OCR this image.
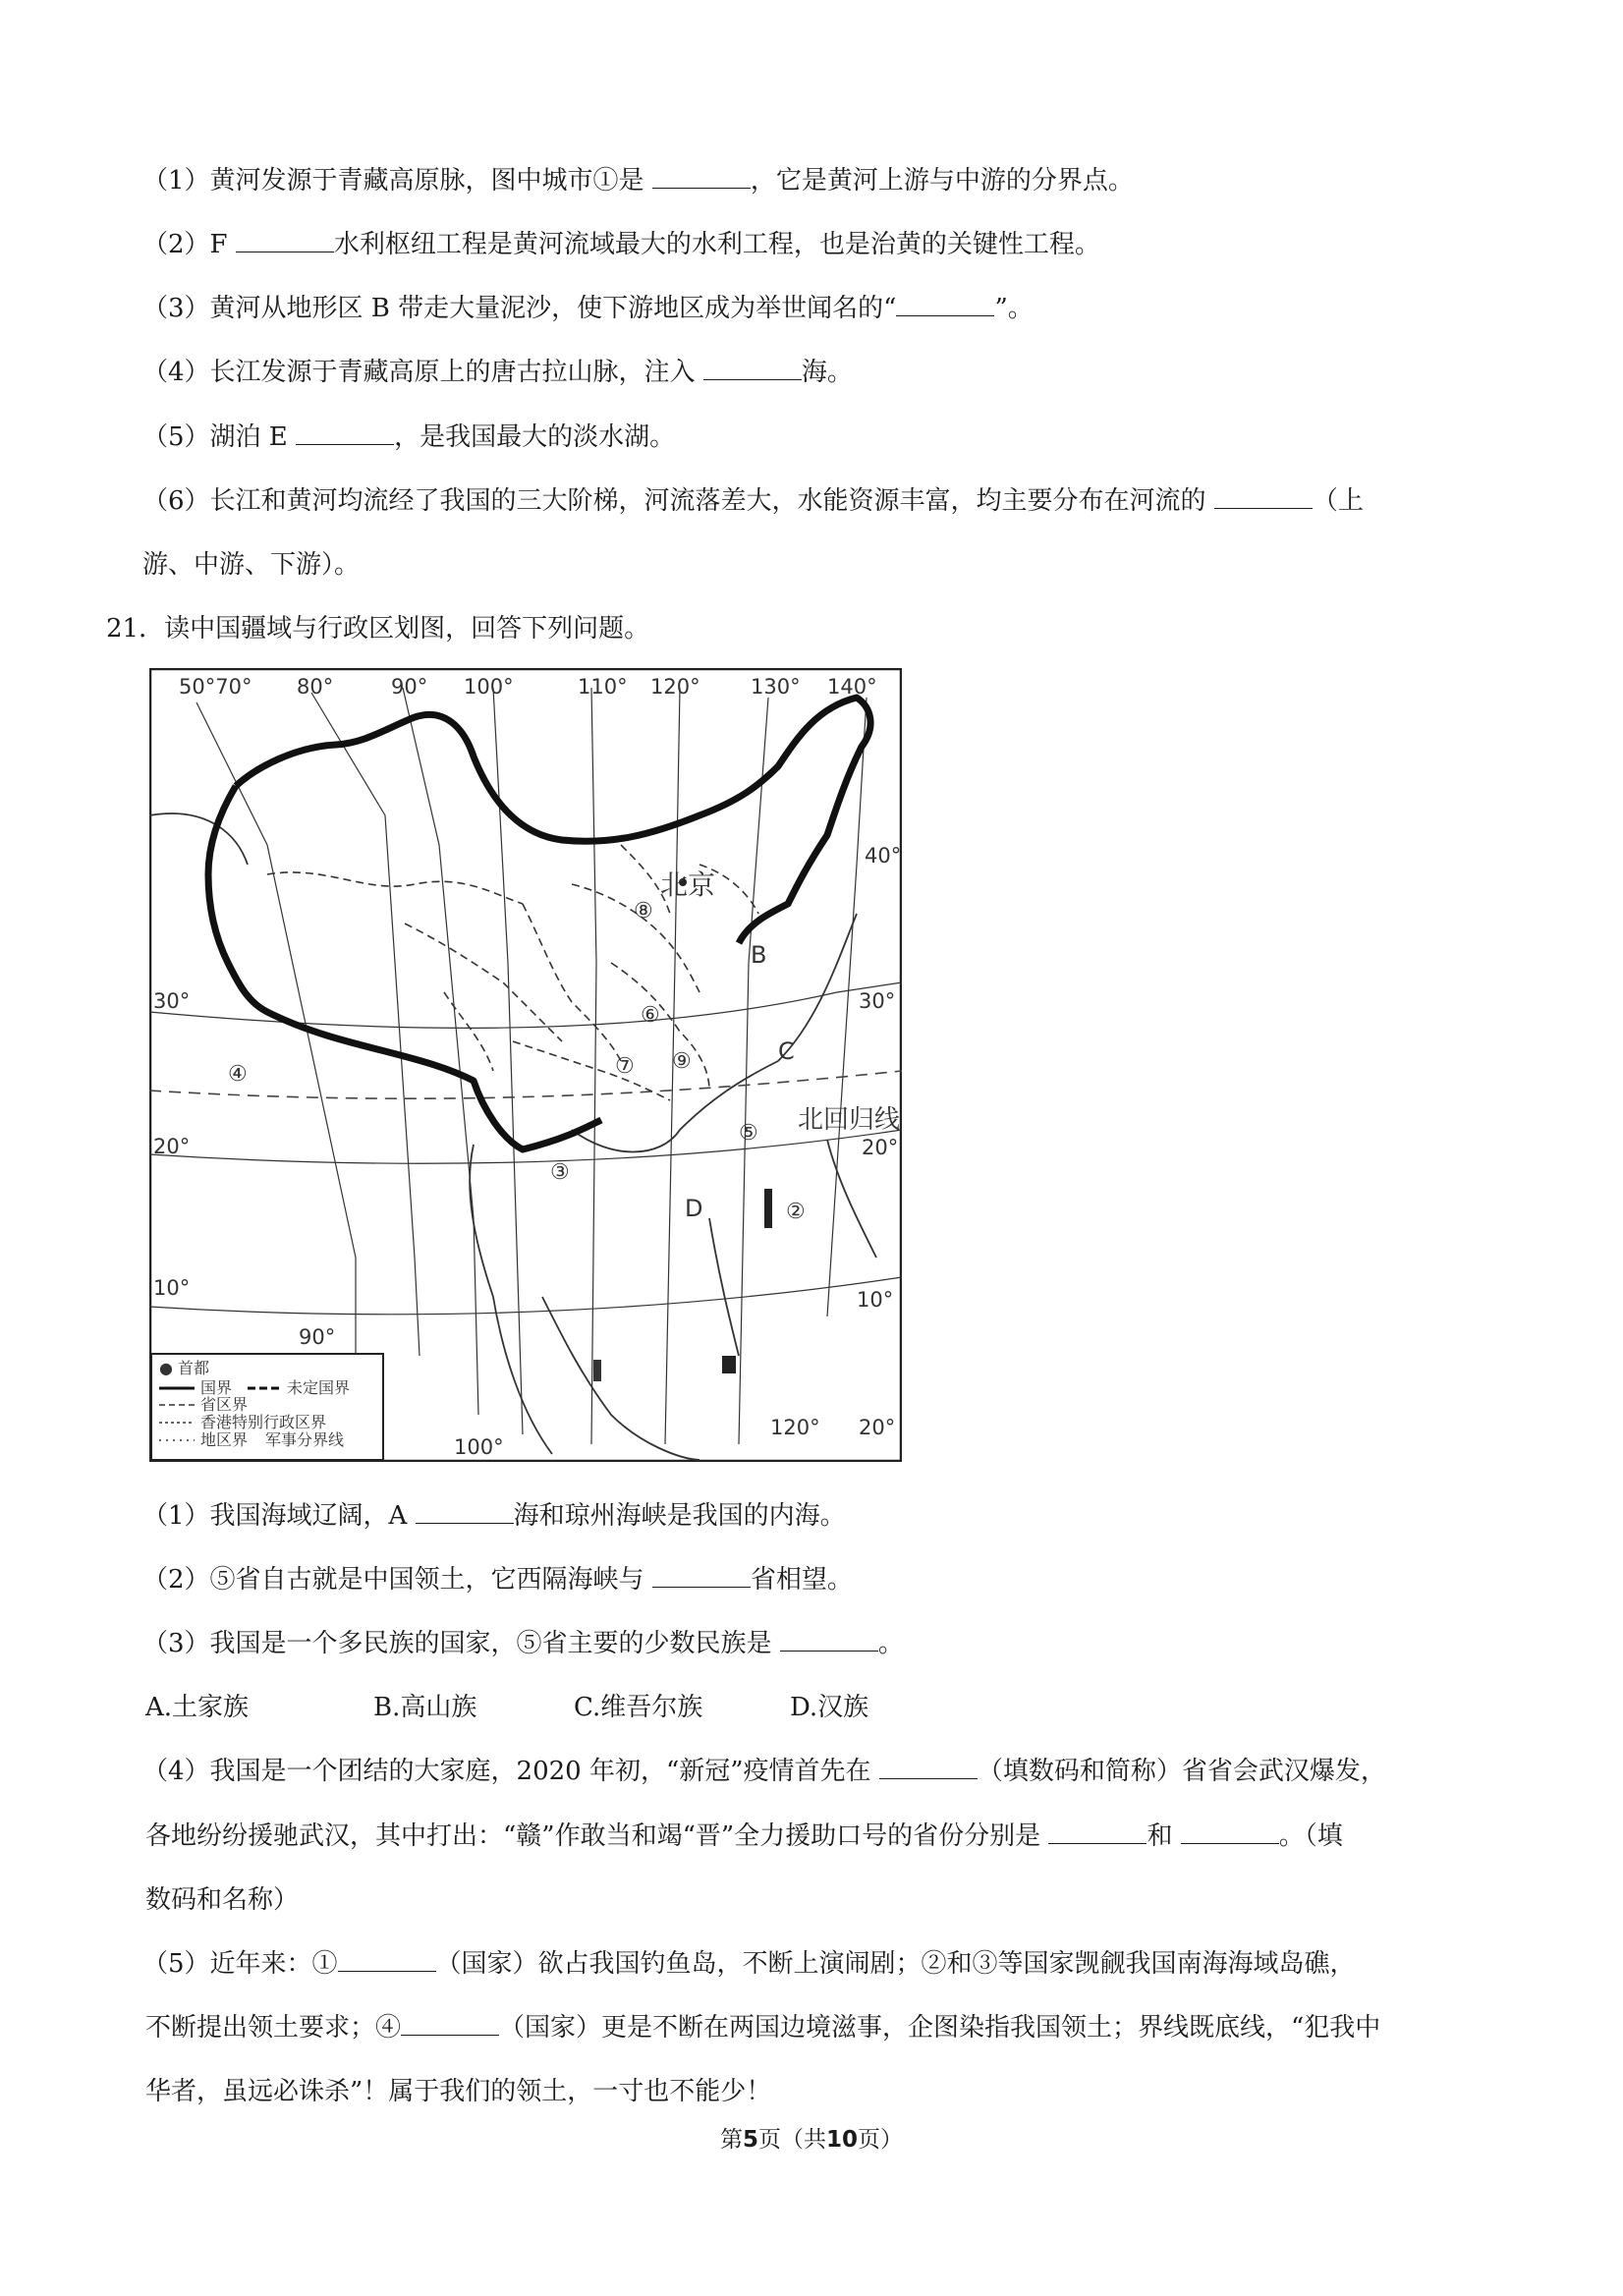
（1）黄河发源于青藏高原脉，图中城市①是	，它是黄河上游与中游的分界点。
（2）F	水利枢纽工程是黄河流域最大的水利工程，也是治黄的关键性工程。
（3）黄河从地形区 B 带走大量泥沙，使下游地区成为举世闻名的“	”。
（4）长江发源于青藏高原上的唐古拉山脉，注入	海。
（5）湖泊 E	，是我国最大的淡水湖。
（6）长江和黄河均流经了我国的三大阶梯，河流落差大，水能资源丰富，均主要分布在河流的	（上
游、中游、下游）。
21．读中国疆域与行政区划图，回答下列问题。
50°70° 80°	90° 100°	110° 120° 130° 140°
30°
20°
10°
40°
30°
20°
10°
90°
100°
120° 20°
北京
北回归线
B
C
D	②
③
④
⑤
⑥
⑦
⑧
⑨
● 首都
国界	未定国界
省区界
香港特别行政区界
地区界 军事分界线
（1）我国海域辽阔，A	海和琼州海峡是我国的内海。
（2）⑤省自古就是中国领土，它西隔海峡与	省相望。
（3）我国是一个多民族的国家，⑤省主要的少数民族是	。
A.土家族	B.高山族	C.维吾尔族	D.汉族
（4）我国是一个团结的大家庭，2020 年初，“新冠”疫情首先在	（填数码和简称）省省会武汉爆发，
各地纷纷援驰武汉，其中打出：“赣”作敢当和竭“晋”全力援助口号的省份分别是	和	。（填
数码和名称）
（5）近年来：①	（国家）欲占我国钓鱼岛，不断上演闹剧；②和③等国家觊觎我国南海海域岛礁，
不断提出领土要求；④	（国家）更是不断在两国边境滋事，企图染指我国领土；界线既底线，“犯我中
华者，虽远必诛杀”！属于我们的领土，一寸也不能少！
第5页（共10页）
